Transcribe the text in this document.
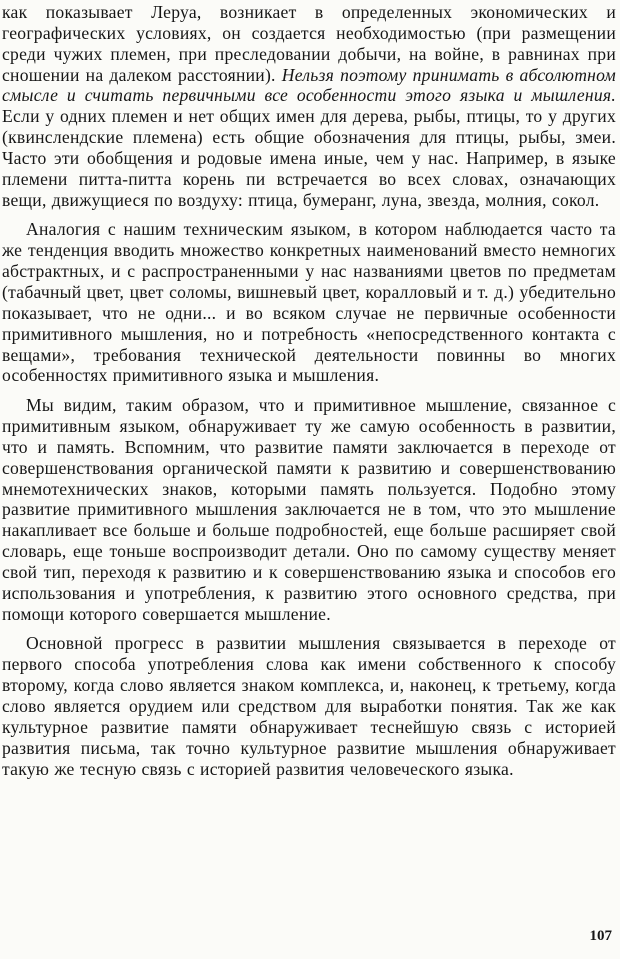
как показывает Леруа, возникает в определенных экономических и географических условиях, он создается необходимостью (при размещении среди чужих племен, при преследовании добычи, на войне, в равнинах при сношении на далеком расстоянии). Нельзя поэтому принимать в абсолютном смысле и считать первичными все особенности этого языка и мышления. Если у одних племен и нет общих имен для дерева, рыбы, птицы, то у других (квинслендские племена) есть общие обозначения для птицы, рыбы, змеи. Часто эти обобщения и родовые имена иные, чем у нас. Например, в языке племени питта-питта корень пи встречается во всех словах, означающих вещи, движущиеся по воздуху: птица, бумеранг, луна, звезда, молния, сокол.

Аналогия с нашим техническим языком, в котором наблюдается часто та же тенденция вводить множество конкретных наименований вместо немногих абстрактных, и с распространенными у нас названиями цветов по предметам (табачный цвет, цвет соломы, вишневый цвет, коралловый и т. д.) убедительно показывает, что не одни... и во всяком случае не первичные особенности примитивного мышления, но и потребность «непосредственного контакта с вещами», требования технической деятельности повинны во многих особенностях примитивного языка и мышления.

Мы видим, таким образом, что и примитивное мышление, связанное с примитивным языком, обнаруживает ту же самую особенность в развитии, что и память. Вспомним, что развитие памяти заключается в переходе от совершенствования органической памяти к развитию и совершенствованию мнемотехнических знаков, которыми память пользуется. Подобно этому развитие примитивного мышления заключается не в том, что это мышление накапливает все больше и больше подробностей, еще больше расширяет свой словарь, еще тоньше воспроизводит детали. Оно по самому существу меняет свой тип, переходя к развитию и к совершенствованию языка и способов его использования и употребления, к развитию этого основного средства, при помощи которого совершается мышление.

Основной прогресс в развитии мышления связывается в переходе от первого способа употребления слова как имени собственного к способу второму, когда слово является знаком комплекса, и, наконец, к третьему, когда слово является орудием или средством для выработки понятия. Так же как культурное развитие памяти обнаруживает теснейшую связь с историей развития письма, так точно культурное развитие мышления обнаруживает такую же тесную связь с историей развития человеческого языка.

107
